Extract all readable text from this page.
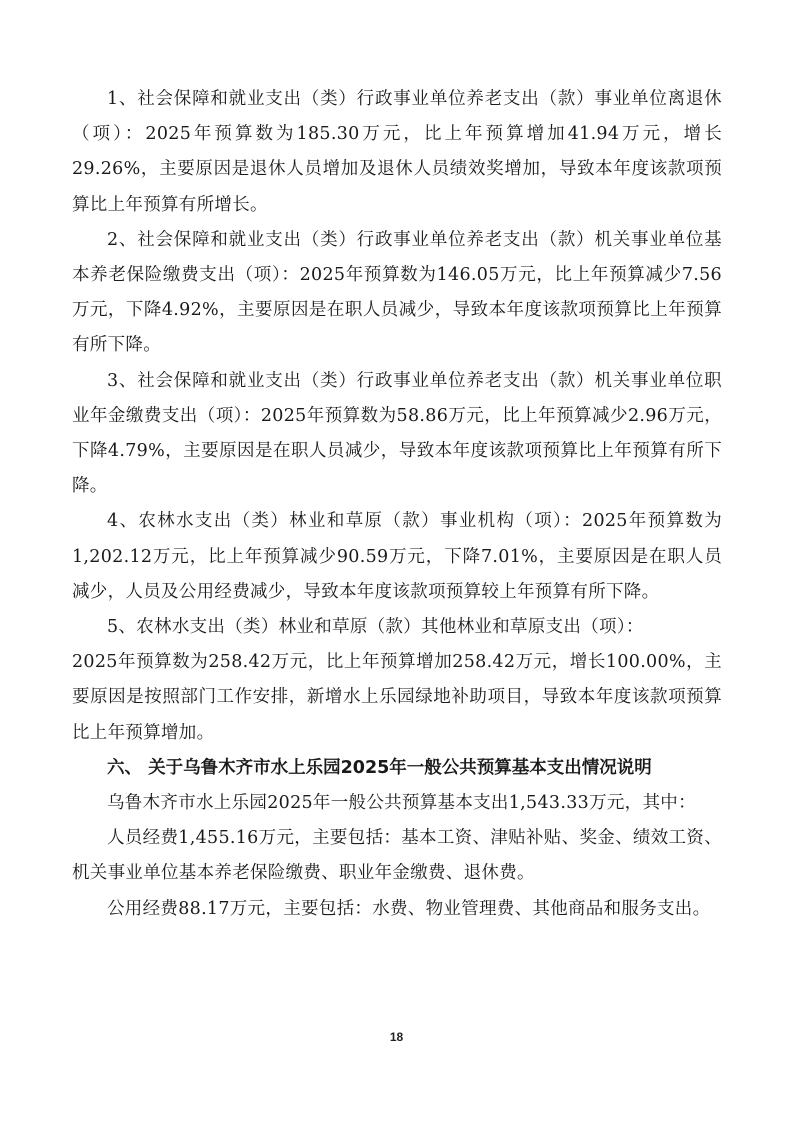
1、社会保障和就业支出（类）行政事业单位养老支出（款）事业单位离退休（项）：2025年预算数为185.30万元，比上年预算增加41.94万元，增长29.26%，主要原因是退休人员增加及退休人员绩效奖增加，导致本年度该款项预算比上年预算有所增长。

2、社会保障和就业支出（类）行政事业单位养老支出（款）机关事业单位基本养老保险缴费支出（项）：2025年预算数为146.05万元，比上年预算减少7.56万元，下降4.92%，主要原因是在职人员减少，导致本年度该款项预算比上年预算有所下降。

3、社会保障和就业支出（类）行政事业单位养老支出（款）机关事业单位职业年金缴费支出（项）：2025年预算数为58.86万元，比上年预算减少2.96万元，下降4.79%，主要原因是在职人员减少，导致本年度该款项预算比上年预算有所下降。

4、农林水支出（类）林业和草原（款）事业机构（项）：2025年预算数为1,202.12万元，比上年预算减少90.59万元，下降7.01%，主要原因是在职人员减少，人员及公用经费减少，导致本年度该款项预算较上年预算有所下降。

5、农林水支出（类）林业和草原（款）其他林业和草原支出（项）：

2025年预算数为258.42万元，比上年预算增加258.42万元，增长100.00%，主要原因是按照部门工作安排，新增水上乐园绿地补助项目，导致本年度该款项预算比上年预算增加。

六、 关于乌鲁木齐市水上乐园2025年一般公共预算基本支出情况说明

乌鲁木齐市水上乐园2025年一般公共预算基本支出1,543.33万元，其中：

人员经费1,455.16万元，主要包括：基本工资、津贴补贴、奖金、绩效工资、机关事业单位基本养老保险缴费、职业年金缴费、退休费。

公用经费88.17万元，主要包括：水费、物业管理费、其他商品和服务支出。

18
